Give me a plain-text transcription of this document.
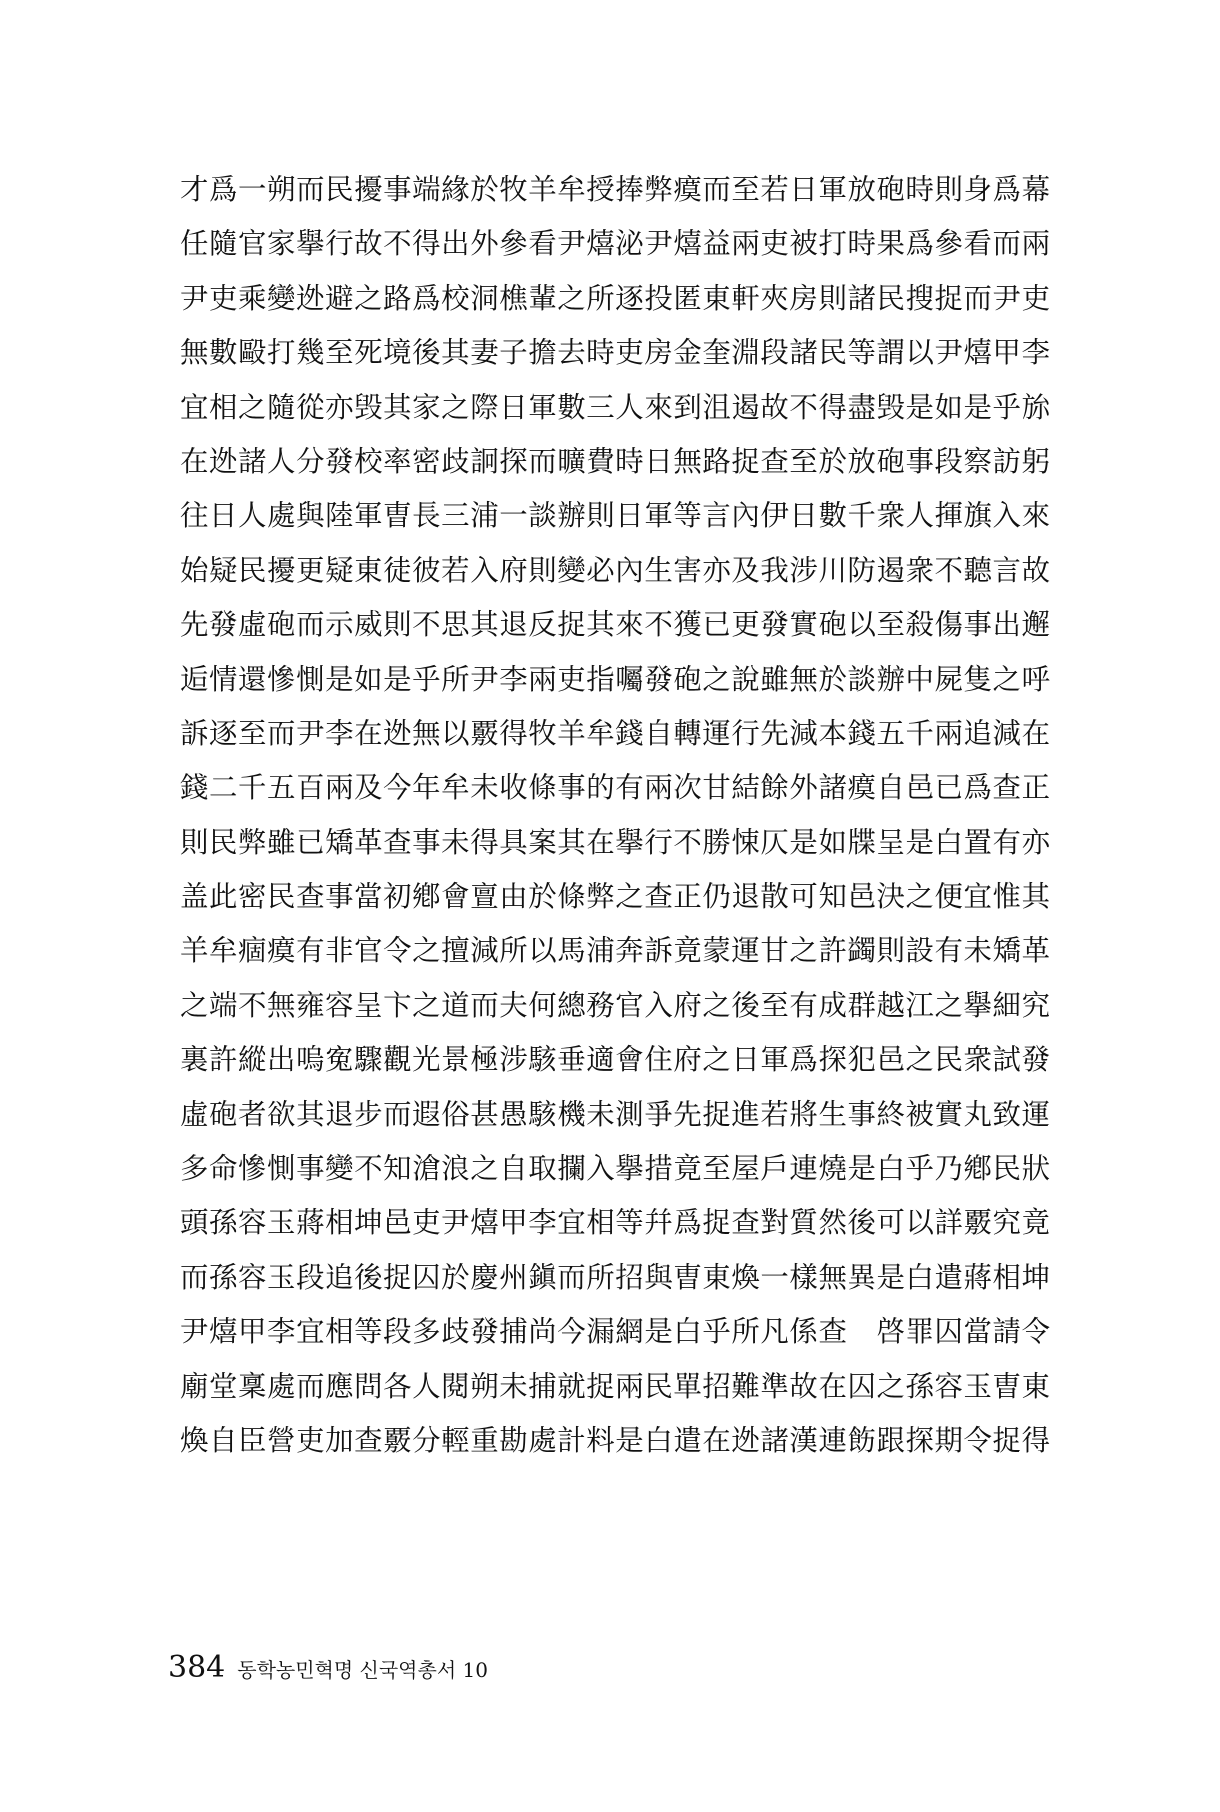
才爲一朔而民擾事端緣於牧羊牟授捧弊瘼而至若日軍放砲時則身爲幕
任隨官家擧行故不得出外參看尹熺泌尹熺益兩吏被打時果爲參看而兩
尹吏乘變迯避之路爲校洞樵輩之所逐投匿東軒夾房則諸民搜捉而尹吏
無數毆打幾至死境後其妻子擔去時吏房金奎淵段諸民等謂以尹熺甲李
宜相之隨從亦毁其家之際日軍數三人來到沮遏故不得盡毁是如是乎旀
在迯諸人分發校率密歧詗探而曠費時日無路捉查至於放砲事段察訪躬
往日人處與陸軍曺長三浦一談辦則日軍等言內伊日數千衆人揮旗入來
始疑民擾更疑東徒彼若入府則變必內生害亦及我涉川防遏衆不聽言故
先發虛砲而示威則不思其退反捉其來不獲已更發實砲以至殺傷事出邂
逅情還慘惻是如是乎所尹李兩吏指囑發砲之說雖無於談辦中屍隻之呼
訴逐至而尹李在迯無以覈得牧羊牟錢自轉運行先減本錢五千兩追減在
錢二千五百兩及今年牟未收條事的有兩次甘結餘外諸瘼自邑已爲查正
則民弊雖已矯革查事未得具案其在擧行不勝悚仄是如牒呈是白置有亦
盖此密民查事當初鄕會亶由於條弊之查正仍退散可知邑決之便宜惟其
羊牟痼瘼有非官令之擅減所以馬浦奔訴竟蒙運甘之許蠲則設有未矯革
之端不無雍容呈卞之道而夫何總務官入府之後至有成群越江之擧細究
裏許縱出嗚寃驟觀光景極涉駭垂適會住府之日軍爲探犯邑之民衆試發
虛砲者欲其退步而遐俗甚愚駭機未測爭先捉進若將生事終被實丸致運
多命慘惻事變不知滄浪之自取攔入擧措竟至屋戶連燒是白乎乃鄕民狀
頭孫容玉蔣相坤邑吏尹熺甲李宜相等幷爲捉查對質然後可以詳覈究竟
而孫容玉段追後捉囚於慶州鎭而所招與曺東煥一樣無異是白遣蔣相坤
尹熺甲李宜相等段多歧發捕尚今漏網是白乎所凡係查　啓罪囚當請令
廟堂稟處而應問各人閱朔未捕就捉兩民單招難準故在囚之孫容玉曺東
煥自臣營吏加查覈分輕重勘處計料是白遣在迯諸漢連飭跟探期令捉得
384 동학농민혁명 신국역총서 10
